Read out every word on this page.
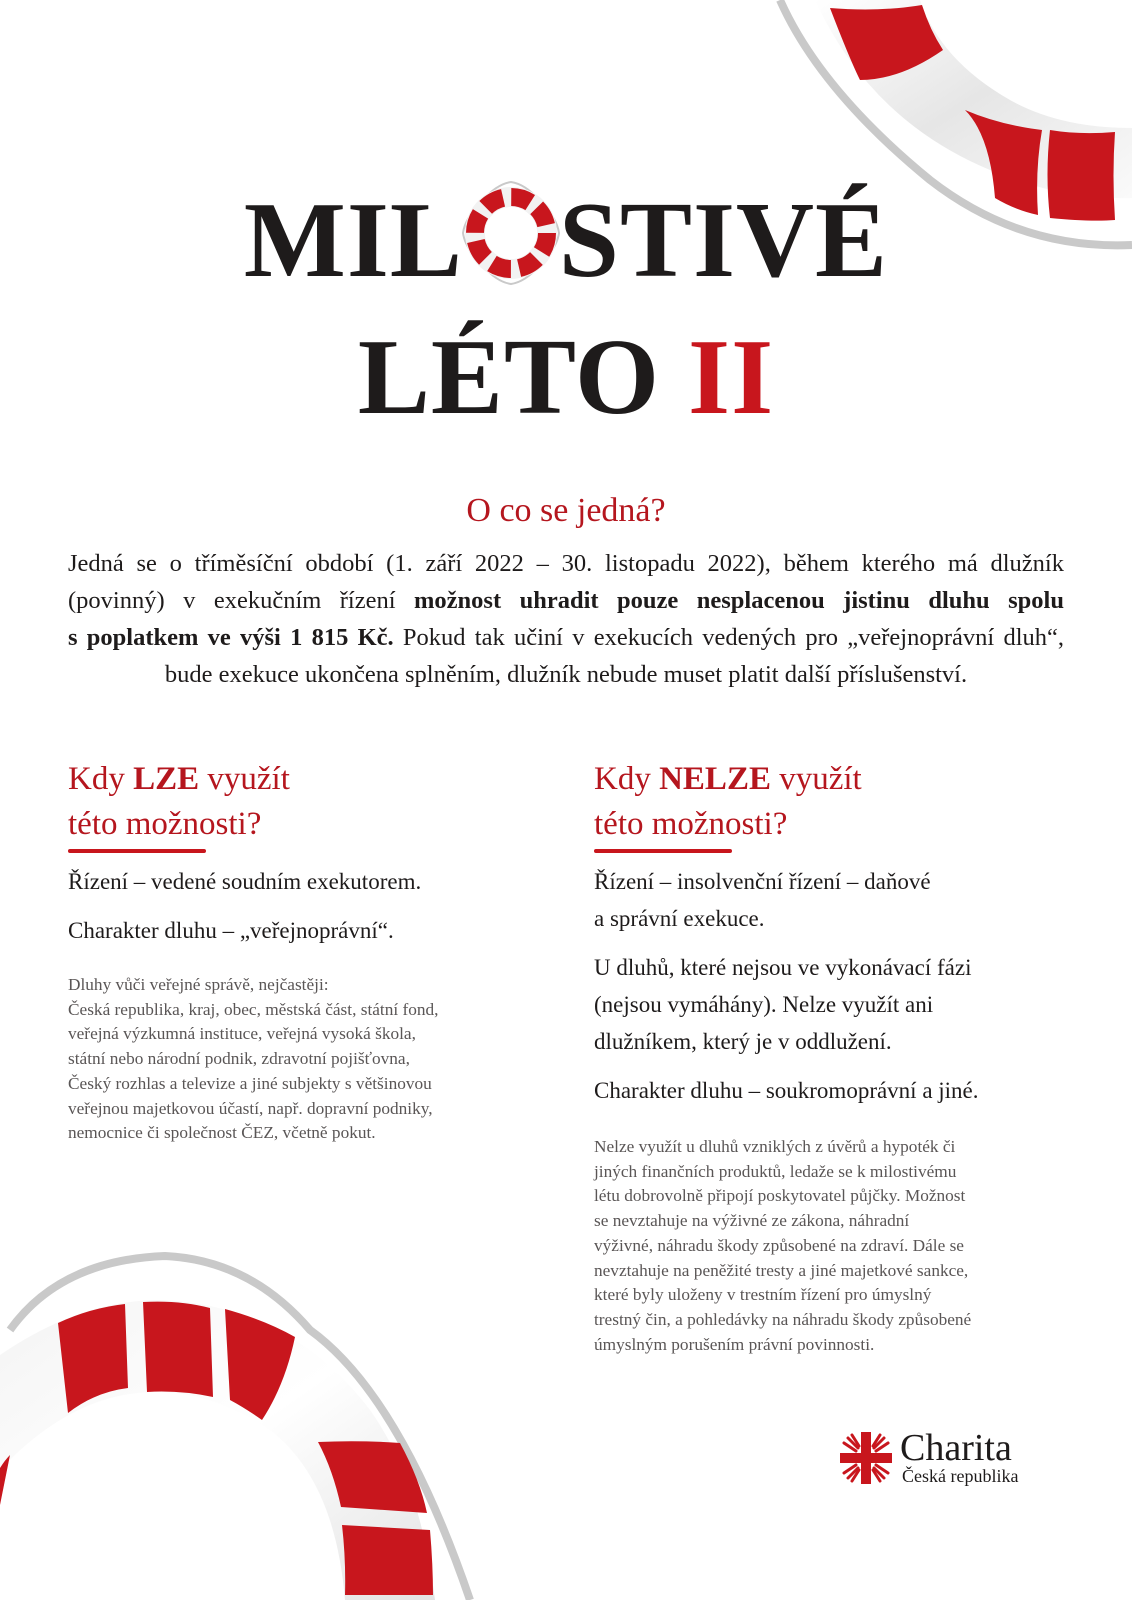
MIL STIVÉ
LÉTO II
O co se jedná?
Jedná se o tříměsíční období (1. září 2022 – 30. listopadu 2022), během kterého má dlužník
(povinný) v exekučním řízení možnost uhradit pouze nesplacenou jistinu dluhu spolu
s poplatkem ve výši 1 815 Kč. Pokud tak učiní v exekucích vedených pro „veřejnoprávní dluh“,
bude exekuce ukončena splněním, dlužník nebude muset platit další příslušenství.
Kdy LZE využít
této možnosti?

Řízení – vedené soudním exekutorem.

Charakter dluhu – „veřejnoprávní“.

Dluhy vůči veřejné správě, nejčastěji:
Česká republika, kraj, obec, městská část, státní fond,
veřejná výzkumná instituce, veřejná vysoká škola,
státní nebo národní podnik, zdravotní pojišťovna,
Český rozhlas a televize a jiné subjekty s většinovou
veřejnou majetkovou účastí, např. dopravní podniky,
nemocnice či společnost ČEZ, včetně pokut.

Kdy NELZE využít
této možnosti?

Řízení – insolvenční řízení – daňové
a správní exekuce.

U dluhů, které nejsou ve vykonávací fázi
(nejsou vymáhány). Nelze využít ani
dlužníkem, který je v oddlužení.

Charakter dluhu – soukromoprávní a jiné.

Nelze využít u dluhů vzniklých z úvěrů a hypoték či
jiných finančních produktů, ledaže se k milostivému
létu dobrovolně připojí poskytovatel půjčky. Možnost
se nevztahuje na výživné ze zákona, náhradní
výživné, náhradu škody způsobené na zdraví. Dále se
nevztahuje na peněžité tresty a jiné majetkové sankce,
které byly uloženy v trestním řízení pro úmyslný
trestný čin, a pohledávky na náhradu škody způsobené
úmyslným porušením právní povinnosti.

Charita
Česká republika
